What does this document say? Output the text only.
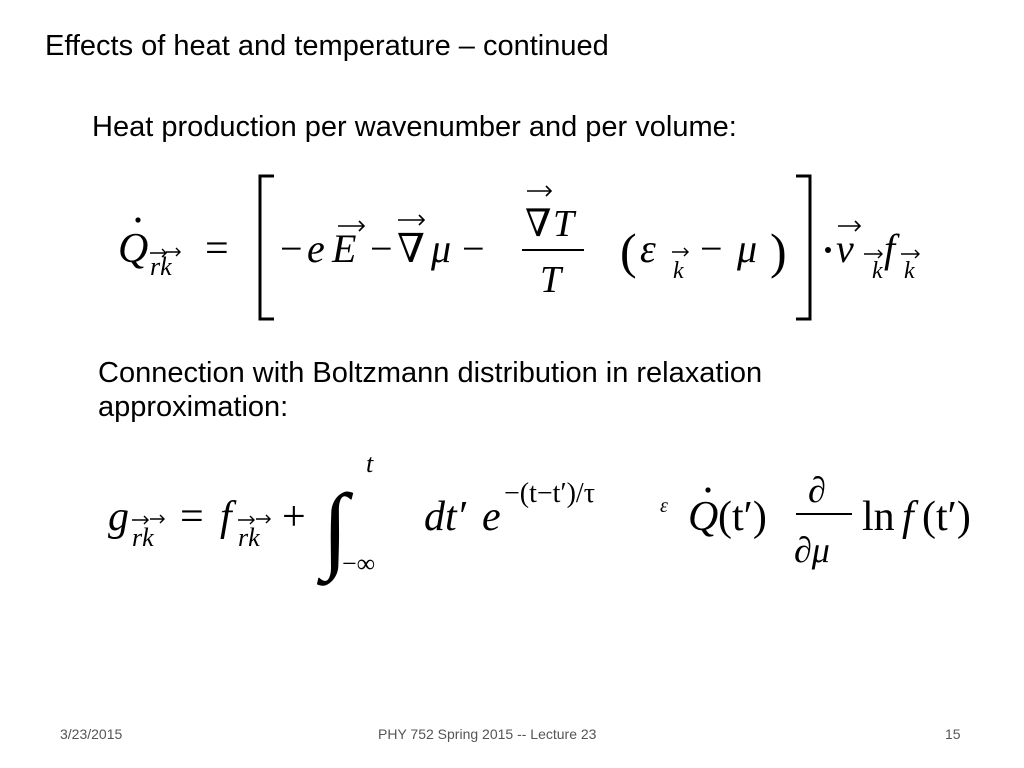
Effects of heat and temperature – continued

Heat production per wavenumber and per volume:

Q rk = − e E − ∇ μ −
∇ T
T
( ε k − μ ) v k f k

Connection with Boltzmann distribution in relaxation

approximation:

g rk = f rk + ∫
t
−∞
dt′ e
−(t−t′)/τ	ε Q (t′)
∂
∂μ
ln f (t′)
3/23/2015	PHY 752 Spring 2015 -- Lecture 23	15
